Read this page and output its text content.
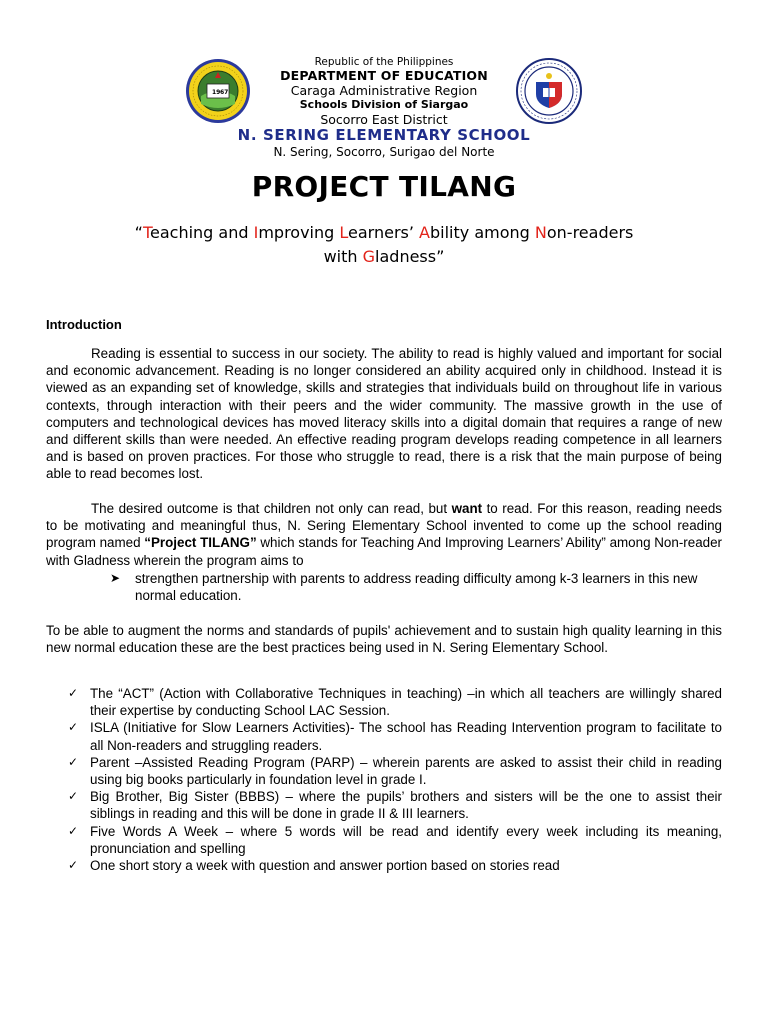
19 67
Republic of the Philippines
DEPARTMENT OF EDUCATION
Caraga Administrative Region
Schools Division of Siargao
Socorro East District
N. SERING ELEMENTARY SCHOOL
N. Sering, Socorro, Surigao del Norte
PROJECT TILANG
“Teaching and Improving Learners’ Ability among Non-readers
with Gladness”
Introduction

Reading is essential to success in our society. The ability to read is highly valued and important for social and economic advancement. Reading is no longer considered an ability acquired only in childhood. Instead it is viewed as an expanding set of knowledge, skills and strategies that individuals build on throughout life in various contexts, through interaction with their peers and the wider community. The massive growth in the use of computers and technological devices has moved literacy skills into a digital domain that requires a range of new and different skills than were needed. An effective reading program develops reading competence in all learners and is based on proven practices. For those who struggle to read, there is a risk that the main purpose of being able to read becomes lost.

The desired outcome is that children not only can read, but want to read. For this reason, reading needs to be motivating and meaningful thus, N. Sering Elementary School invented to come up the school reading program named “Project TILANG” which stands for Teaching And Improving Learners’ Ability” among Non-reader with Gladness wherein the program aims to

➤	strengthen partnership with parents to address reading difficulty among k-3 learners in this new normal education.

To be able to augment the norms and standards of pupils' achievement and to sustain high quality learning in this new normal education these are the best practices being used in N. Sering Elementary School.

✓ The “ACT” (Action with Collaborative Techniques in teaching) –in which all teachers are willingly shared their expertise by conducting School LAC Session.
✓ ISLA (Initiative for Slow Learners Activities)- The school has Reading Intervention program to facilitate to all Non-readers and struggling readers.
✓ Parent –Assisted Reading Program (PARP) – wherein parents are asked to assist their child in reading using big books particularly in foundation level in grade I.
✓ Big Brother, Big Sister (BBBS) – where the pupils’ brothers and sisters will be the one to assist their siblings in reading and this will be done in grade II & III learners.
✓ Five Words A Week – where 5 words will be read and identify every week including its meaning, pronunciation and spelling
✓ One short story a week with question and answer portion based on stories read
